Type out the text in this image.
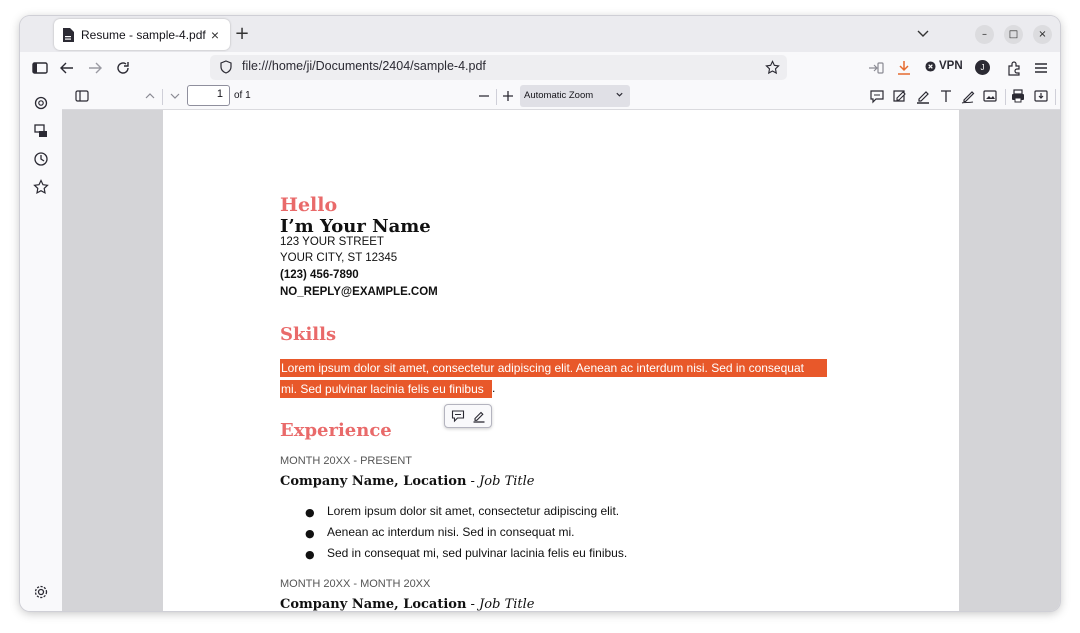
Resume - sample-4.pdf × +	–	□	×
file:///home/ji/Documents/2404/sample-4.pdf	VPN	J
1	of 1	Automatic Zoom
Hello
I’m Your Name
123 YOUR STREET
YOUR CITY, ST 12345
(123) 456-7890
NO_REPLY@EXAMPLE.COM
Skills
Lorem ipsum dolor sit amet, consectetur adipiscing elit. Aenean ac interdum nisi. Sed in consequat
mi. Sed pulvinar lacinia felis eu finibus .
Experience
MONTH 20XX - PRESENT
Company Name, Location - Job Title
● Lorem ipsum dolor sit amet, consectetur adipiscing elit.
● Aenean ac interdum nisi. Sed in consequat mi.
● Sed in consequat mi, sed pulvinar lacinia felis eu finibus.
MONTH 20XX - MONTH 20XX
Company Name, Location - Job Title
